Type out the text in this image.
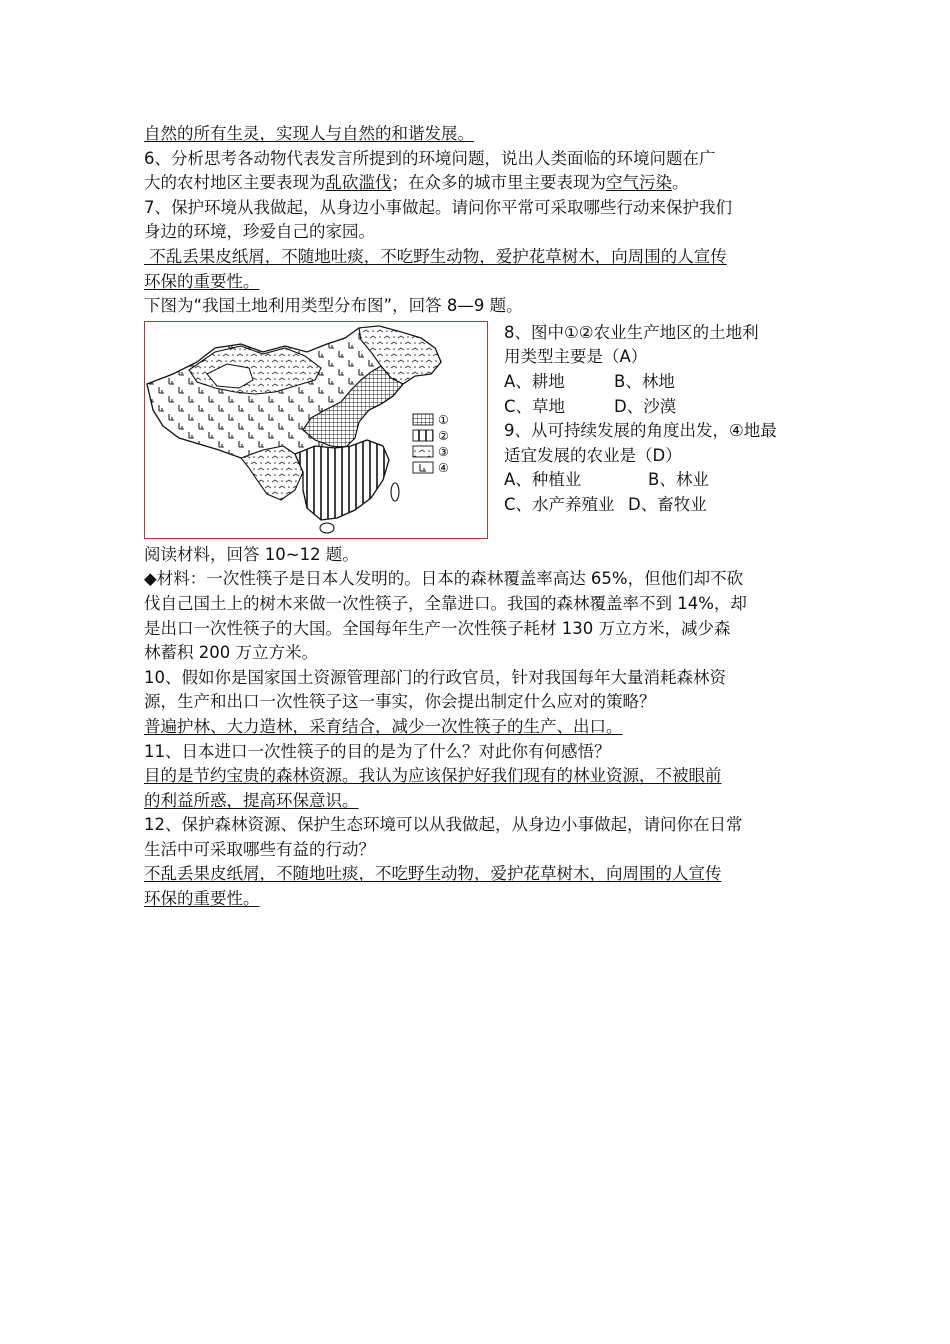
自然的所有生灵，实现人与自然的和谐发展。

6、分析思考各动物代表发言所提到的环境问题，说出人类面临的环境问题在广

大的农村地区主要表现为乱砍滥伐；在众多的城市里主要表现为空气污染。

7、保护环境从我做起，从身边小事做起。请问你平常可采取哪些行动来保护我们

身边的环境，珍爱自己的家园。

不乱丢果皮纸屑，不随地吐痰，不吃野生动物，爱护花草树木，向周围的人宣传

环保的重要性。

下图为“我国土地利用类型分布图”，回答 8—9 题。

①
②
③
④

8、图中①②农业生产地区的土地利

用类型主要是（A）

A、耕地	B、林地

C、草地	D、沙漠

9、从可持续发展的角度出发，④地最

适宜发展的农业是（D）

A、种植业	B、林业

C、水产养殖业 D、畜牧业

阅读材料，回答 10~12 题。

◆材料：一次性筷子是日本人发明的。日本的森林覆盖率高达 65%，但他们却不砍

伐自己国土上的树木来做一次性筷子，全靠进口。我国的森林覆盖率不到 14%，却

是出口一次性筷子的大国。全国每年生产一次性筷子耗材 130 万立方米，减少森

林蓄积 200 万立方米。

10、假如你是国家国土资源管理部门的行政官员，针对我国每年大量消耗森林资

源，生产和出口一次性筷子这一事实，你会提出制定什么应对的策略？

普遍护林、大力造林，采育结合，减少一次性筷子的生产、出口。

11、日本进口一次性筷子的目的是为了什么？对此你有何感悟？

目的是节约宝贵的森林资源。我认为应该保护好我们现有的林业资源，不被眼前

的利益所惑，提高环保意识。

12、保护森林资源、保护生态环境可以从我做起，从身边小事做起，请问你在日常

生活中可采取哪些有益的行动？

不乱丢果皮纸屑，不随地吐痰，不吃野生动物，爱护花草树木，向周围的人宣传

环保的重要性。
